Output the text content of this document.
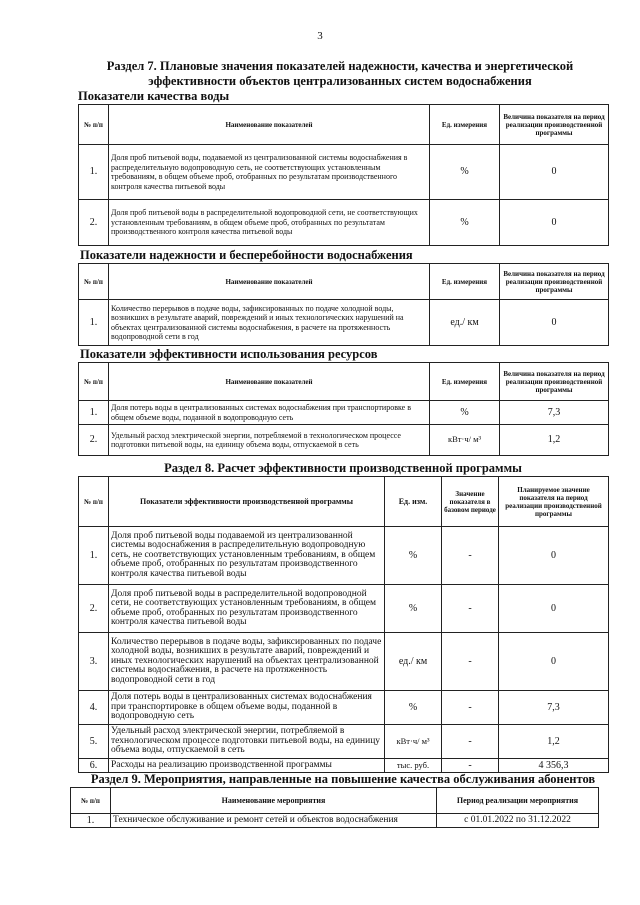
3
Раздел 7. Плановые значения показателей надежности, качества и энергетической
эффективности объектов централизованных систем водоснабжения
Показатели качества воды
№ п/п	Наименование показателей	Ед. измерения	Величина показателя на период реализации производственной программы
1.	Доля проб питьевой воды, подаваемой из централизованной системы водоснабжения в распределительную водопроводную сеть, не соответствующих установленным требованиям, в общем объеме проб, отобранных по результатам производственного контроля качества питьевой воды	%	0
2.	Доля проб питьевой воды в распределительной водопроводной сети, не соответствующих установленным требованиям, в общем объеме проб, отобранных по результатам производственного контроля качества питьевой воды	%	0
Показатели надежности и бесперебойности водоснабжения
№ п/п	Наименование показателей	Ед. измерения	Величина показателя на период реализации производственной программы
1.	Количество перерывов в подаче воды, зафиксированных по подаче холодной воды, возникших в результате аварий, повреждений и иных технологических нарушений на объектах централизованной системы водоснабжения, в расчете на протяженность водопроводной сети в год	ед./ км	0
Показатели эффективности использования ресурсов
№ п/п	Наименование показателей	Ед. измерения	Величина показателя на период реализации производственной программы
1.	Доля потерь воды в централизованных системах водоснабжения при транспортировке в общем объеме воды, поданной в водопроводную сеть	%	7,3
2.	Удельный расход электрической энергии, потребляемой в технологическом процессе подготовки питьевой воды, на единицу объема воды, отпускаемой в сеть	кВт·ч/ м³	1,2
Раздел 8. Расчет эффективности производственной программы
№ п/п	Показатели эффективности производственной программы	Ед. изм.	Значение показателя в базовом периоде	Планируемое значение показателя на период реализации производственной программы
1.	Доля проб питьевой воды подаваемой из централизованной системы водоснабжения в распределительную водопроводную сеть, не соответствующих установленным требованиям, в общем объеме проб, отобранных по результатам производственного контроля качества питьевой воды	%	-	0
2.	Доля проб питьевой воды в распределительной водопроводной сети, не соответствующих установленным требованиям, в общем объеме проб, отобранных по результатам производственного контроля качества питьевой воды	%	-	0
3.	Количество перерывов в подаче воды, зафиксированных по подаче холодной воды, возникших в результате аварий, повреждений и иных технологических нарушений на объектах централизованной системы водоснабжения, в расчете на протяженность водопроводной сети в год	ед./ км	-	0
4.	Доля потерь воды в централизованных системах водоснабжения при транспортировке в общем объеме воды, поданной в водопроводную сеть	%	-	7,3
5.	Удельный расход электрической энергии, потребляемой в технологическом процессе подготовки питьевой воды, на единицу объема воды, отпускаемой в сеть	кВт·ч/ м³	-	1,2
6.	Расходы на реализацию производственной программы	тыс. руб.	-	4 356,3
Раздел 9. Мероприятия, направленные на повышение качества обслуживания абонентов
№ п/п	Наименование мероприятия	Период реализации мероприятия
1.	Техническое обслуживание и ремонт сетей и объектов водоснабжения	с 01.01.2022 по 31.12.2022
